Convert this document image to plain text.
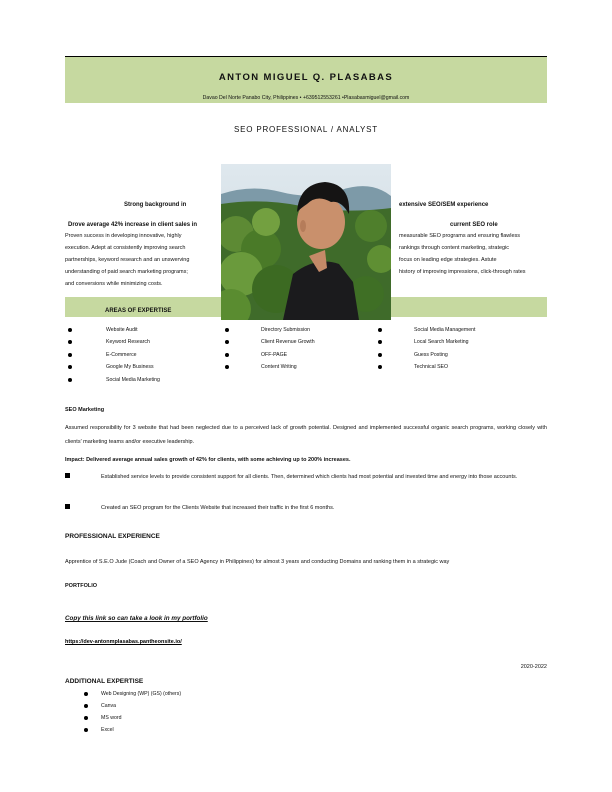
ANTON MIGUEL Q. PLASABAS
Davao Del Norte Panabo City, Philippines • +639512553261 •Plasabasmiguel@gmail.com
SEO PROFESSIONAL / ANALYST
Strong background in
Drove average 42% increase in client sales in
Proven success in developing innovative, highly
execution. Adept at consistently improving search
partnerships, keyword research and an unswerving
understanding of paid search marketing programs;
and conversions while minimizing costs.
extensive SEO/SEM experience
current SEO role
measurable SEO programs and ensuring flawless
rankings through content marketing, strategic
focus on leading edge strategies. Astute
history of improving impressions, click-through rates
AREAS OF EXPERTISE
Website Audit
Keyword Research
E-Commerce
Google My Business
Social Media Marketing
Directory Submission
Client Revenue Growth
OFF-PAGE
Content Writing
Social Media Management
Local Search Marketing
Guess Posting
Technical SEO
SEO Marketing
Assumed responsibility for 3 website that had been neglected due to a perceived lack of growth potential. Designed and implemented successful organic search programs, working closely with clients' marketing teams and/or executive leadership.
Impact: Delivered average annual sales growth of 42% for clients, with some achieving up to 200% increases.
Established service levels to provide consistent support for all clients. Then, determined which clients had most potential and invested time and energy into those accounts.
Created an SEO program for the Clients Website that increased their traffic in the first 6 months.
PROFESSIONAL EXPERIENCE
Apprentice of S.E.O Jude (Coach and Owner of a SEO Agency in Philippines) for almost 3 years and conducting Domains and ranking them in a strategic way
PORTFOLIO
Copy this link so can take a look in my portfolio
https://dev-antonmplasabas.pantheonsite.io/
2020-2022
ADDITIONAL EXPERTISE
Web Designing (WP) (GS) (others)
Canva
MS word
Excel
